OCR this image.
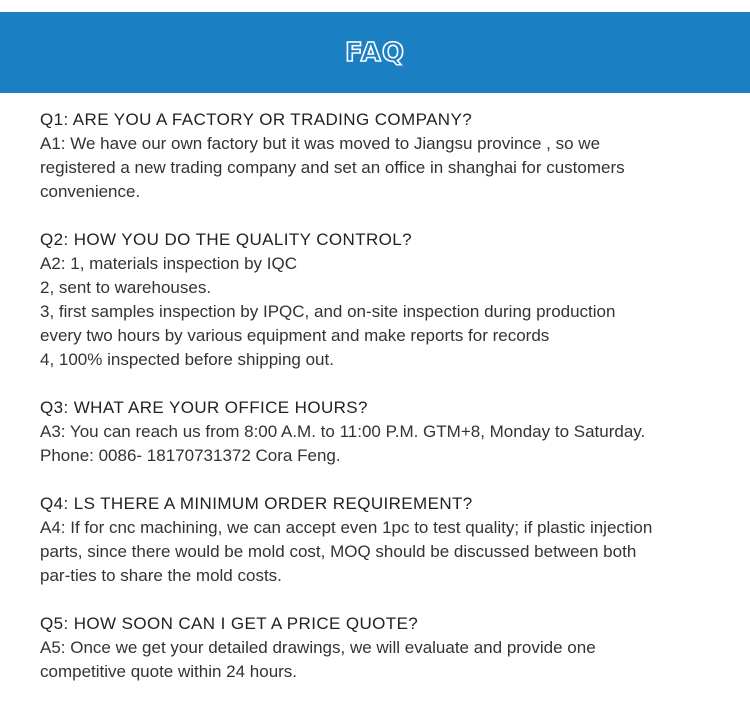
FAQ
Q1: ARE YOU A FACTORY OR TRADING COMPANY?
A1: We have our own factory but it was moved to Jiangsu province , so we
registered a new trading company and set an office in shanghai for customers
convenience.
Q2: HOW YOU DO THE QUALITY CONTROL?
A2: 1, materials inspection by IQC
2, sent to warehouses.
3, first samples inspection by IPQC, and on-site inspection during production
every two hours by various equipment and make reports for records
4, 100% inspected before shipping out.
Q3: WHAT ARE YOUR OFFICE HOURS?
A3: You can reach us from 8:00 A.M. to 11:00 P.M. GTM+8, Monday to Saturday.
Phone: 0086- 18170731372 Cora Feng.
Q4: LS THERE A MINIMUM ORDER REQUIREMENT?
A4: If for cnc machining, we can accept even 1pc to test quality; if plastic injection
parts, since there would be mold cost, MOQ should be discussed between both
par-ties to share the mold costs.
Q5: HOW SOON CAN I GET A PRICE QUOTE?
A5: Once we get your detailed drawings, we will evaluate and provide one
competitive quote within 24 hours.
